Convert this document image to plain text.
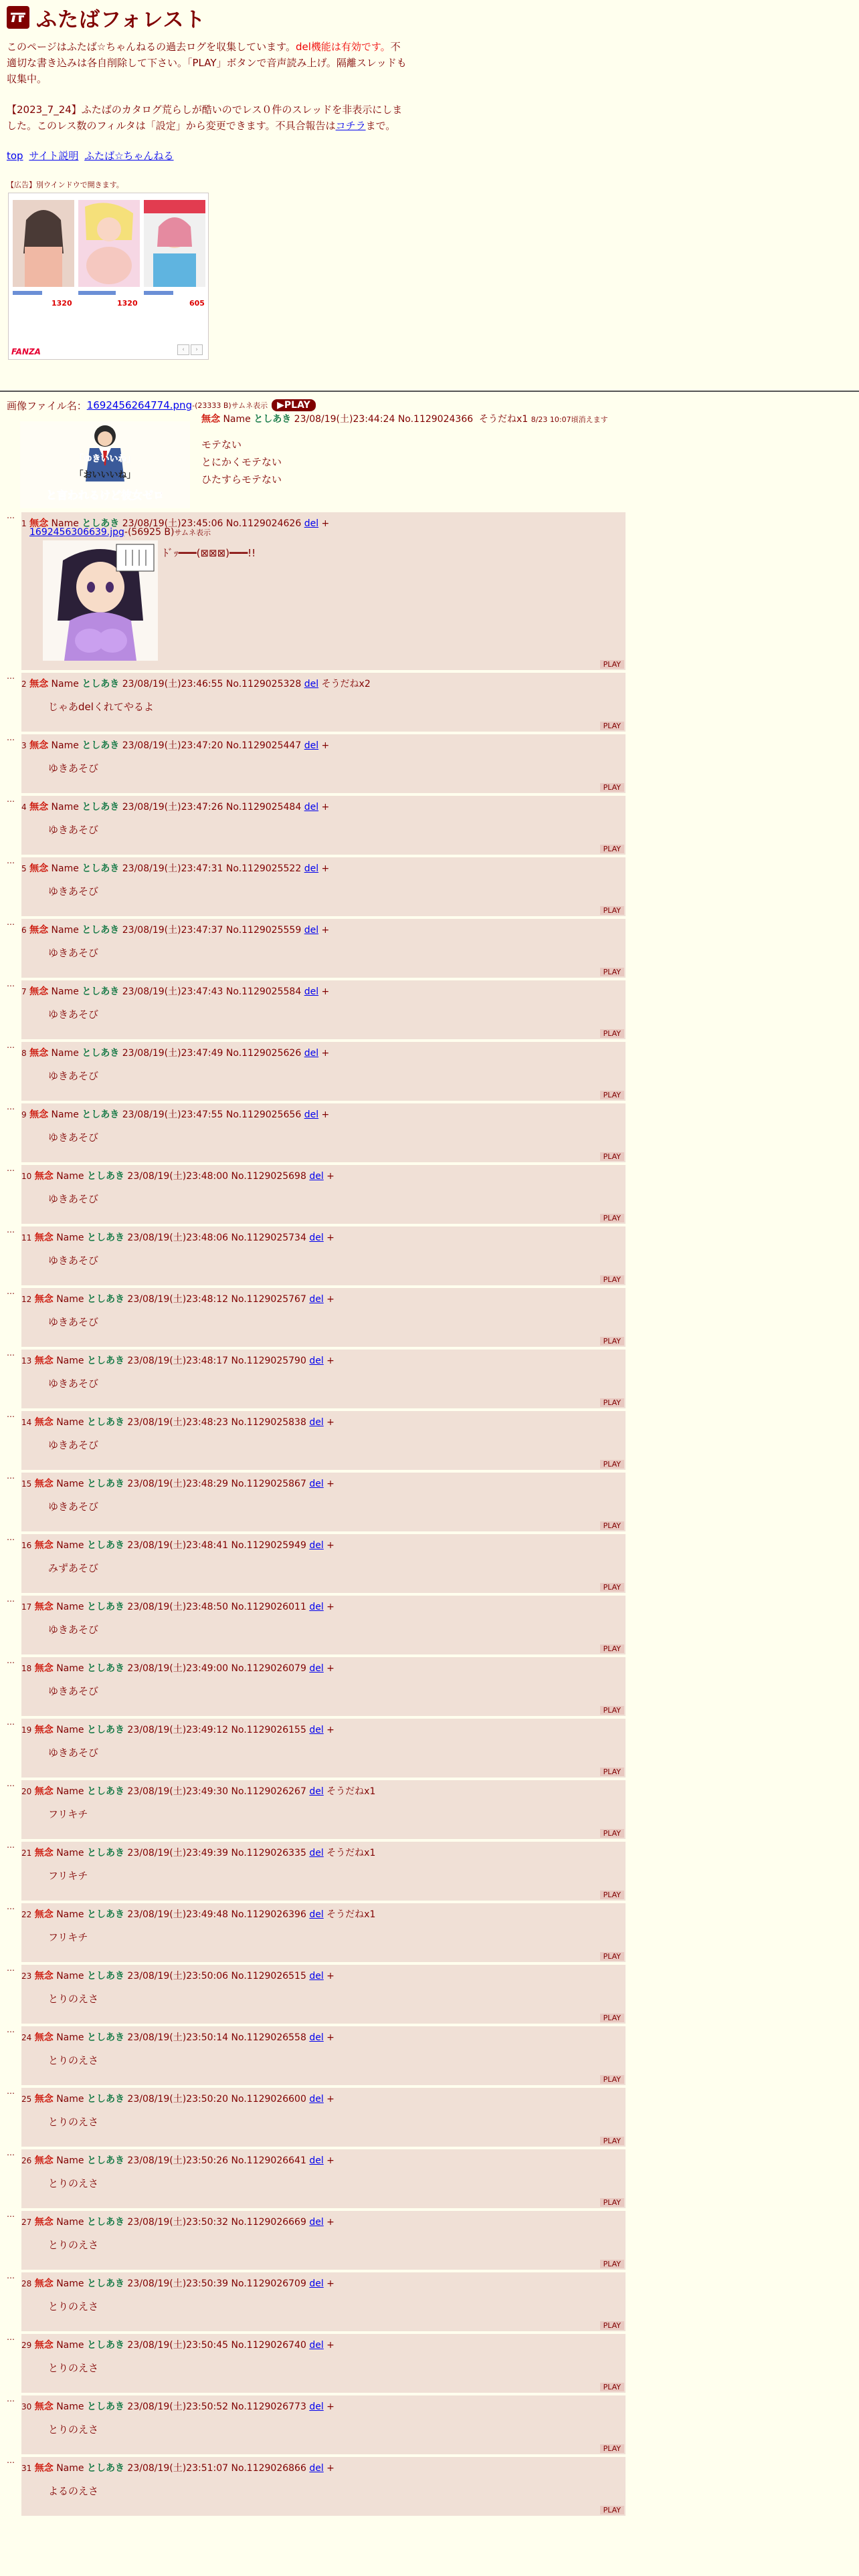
ふたばフォレスト

このページはふたば☆ちゃんねるの過去ログを収集しています。del機能は有効です。不適切な書き込みは各自削除して下さい。「PLAY」ボタンで音声読み上げ。隔離スレッドも収集中。

【2023_7_24】ふたばのカタログ荒らしが酷いのでレス０件のスレッドを非表示にしました。このレス数のフィルタは「設定」から変更できます。不具合報告はコチラまで。

top サイト説明 ふたば☆ちゃんねる
【広告】別ウインドウで開きます。
1320	1320	605
FANZA	‹	›
画像ファイル名： 1692456264774.png -(23333 B) サムネ表示	▶PLAY
「ゆきいいね」
「おいいいね」
と言われるけど彼女ゼロ
無念 Name としあき 23/08/19(土)23:44:24 No.1129024366 そうだねx1 8/23 10:07頃消えます
モテない
とにかくモテない
ひたすらモテない
…
1 無念 Name としあき 23/08/19(土)23:45:06 No.1129024626 del +
1692456306639.jpg-(56925 B)サムネ表示
ﾄﾞｯ━━━(⊠⊠⊠)━━━!!
PLAY
…
2 無念 Name としあき 23/08/19(土)23:46:55 No.1129025328 del そうだねx2
じゃあdelくれてやるよ
PLAY
…
3 無念 Name としあき 23/08/19(土)23:47:20 No.1129025447 del +
ゆきあそび
PLAY
…
4 無念 Name としあき 23/08/19(土)23:47:26 No.1129025484 del +
ゆきあそび
PLAY
…
5 無念 Name としあき 23/08/19(土)23:47:31 No.1129025522 del +
ゆきあそび
PLAY
…
6 無念 Name としあき 23/08/19(土)23:47:37 No.1129025559 del +
ゆきあそび
PLAY
…
7 無念 Name としあき 23/08/19(土)23:47:43 No.1129025584 del +
ゆきあそび
PLAY
…
8 無念 Name としあき 23/08/19(土)23:47:49 No.1129025626 del +
ゆきあそび
PLAY
…
9 無念 Name としあき 23/08/19(土)23:47:55 No.1129025656 del +
ゆきあそび
PLAY
…
10 無念 Name としあき 23/08/19(土)23:48:00 No.1129025698 del +
ゆきあそび
PLAY
…
11 無念 Name としあき 23/08/19(土)23:48:06 No.1129025734 del +
ゆきあそび
PLAY
…
12 無念 Name としあき 23/08/19(土)23:48:12 No.1129025767 del +
ゆきあそび
PLAY
…
13 無念 Name としあき 23/08/19(土)23:48:17 No.1129025790 del +
ゆきあそび
PLAY
…
14 無念 Name としあき 23/08/19(土)23:48:23 No.1129025838 del +
ゆきあそび
PLAY
…
15 無念 Name としあき 23/08/19(土)23:48:29 No.1129025867 del +
ゆきあそび
PLAY
…
16 無念 Name としあき 23/08/19(土)23:48:41 No.1129025949 del +
みずあそび
PLAY
…
17 無念 Name としあき 23/08/19(土)23:48:50 No.1129026011 del +
ゆきあそび
PLAY
…
18 無念 Name としあき 23/08/19(土)23:49:00 No.1129026079 del +
ゆきあそび
PLAY
…
19 無念 Name としあき 23/08/19(土)23:49:12 No.1129026155 del +
ゆきあそび
PLAY
…
20 無念 Name としあき 23/08/19(土)23:49:30 No.1129026267 del そうだねx1
フリキチ
PLAY
…
21 無念 Name としあき 23/08/19(土)23:49:39 No.1129026335 del そうだねx1
フリキチ
PLAY
…
22 無念 Name としあき 23/08/19(土)23:49:48 No.1129026396 del そうだねx1
フリキチ
PLAY
…
23 無念 Name としあき 23/08/19(土)23:50:06 No.1129026515 del +
とりのえさ
PLAY
…
24 無念 Name としあき 23/08/19(土)23:50:14 No.1129026558 del +
とりのえさ
PLAY
…
25 無念 Name としあき 23/08/19(土)23:50:20 No.1129026600 del +
とりのえさ
PLAY
…
26 無念 Name としあき 23/08/19(土)23:50:26 No.1129026641 del +
とりのえさ
PLAY
…
27 無念 Name としあき 23/08/19(土)23:50:32 No.1129026669 del +
とりのえさ
PLAY
…
28 無念 Name としあき 23/08/19(土)23:50:39 No.1129026709 del +
とりのえさ
PLAY
…
29 無念 Name としあき 23/08/19(土)23:50:45 No.1129026740 del +
とりのえさ
PLAY
…
30 無念 Name としあき 23/08/19(土)23:50:52 No.1129026773 del +
とりのえさ
PLAY
…
31 無念 Name としあき 23/08/19(土)23:51:07 No.1129026866 del +
よるのえさ
PLAY
